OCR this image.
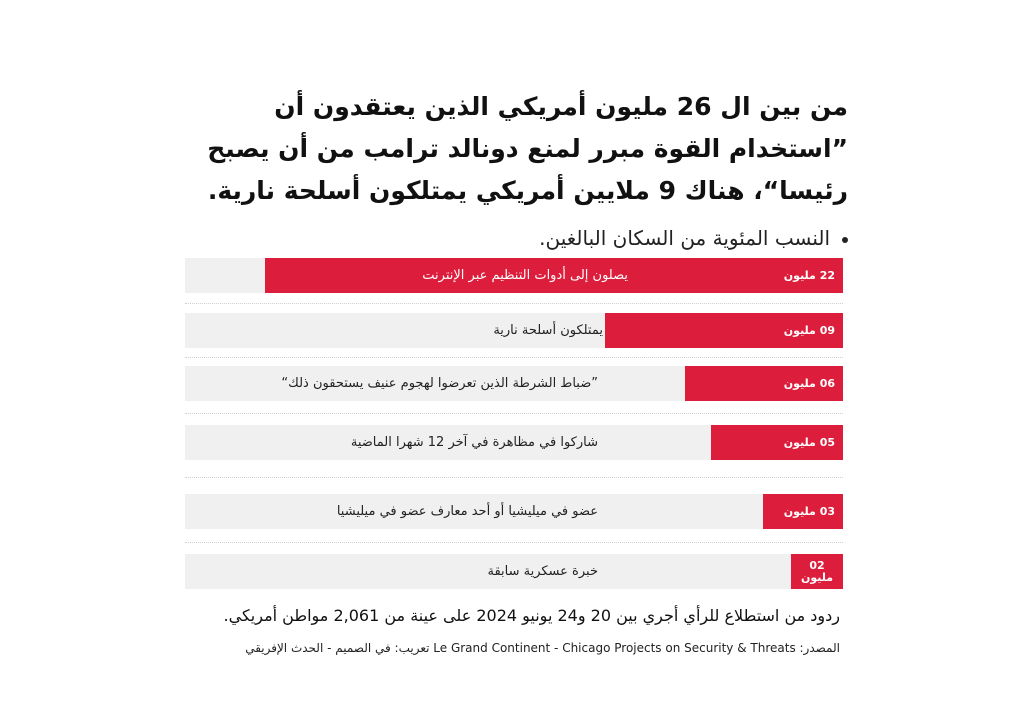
من بين ال 26 مليون أمريكي الذين يعتقدون أن ”استخدام القوة مبرر لمنع دونالد ترامب من أن يصبح رئيسا“، هناك 9 ملايين أمريكي يمتلكون أسلحة نارية.
النسب المئوية من السكان البالغين.
22 مليون
يصلون إلى أدوات التنظيم عبر الإنترنت
09 مليون
يمتلكون أسلحة نارية
06 مليون
”ضباط الشرطة الذين تعرضوا لهجوم عنيف يستحقون ذلك“
05 مليون
شاركوا في مظاهرة في آخر 12 شهرا الماضية
03 مليون
عضو في ميليشيا أو أحد معارف عضو في ميليشيا
02 مليون
خبرة عسكرية سابقة
ردود من استطلاع للرأي أجري بين 20 و24 يونيو 2024 على عينة من 2,061 مواطن أمريكي.
المصدر: Le Grand Continent - Chicago Projects on Security & Threats تعريب: في الصميم - الحدث الإفريقي
